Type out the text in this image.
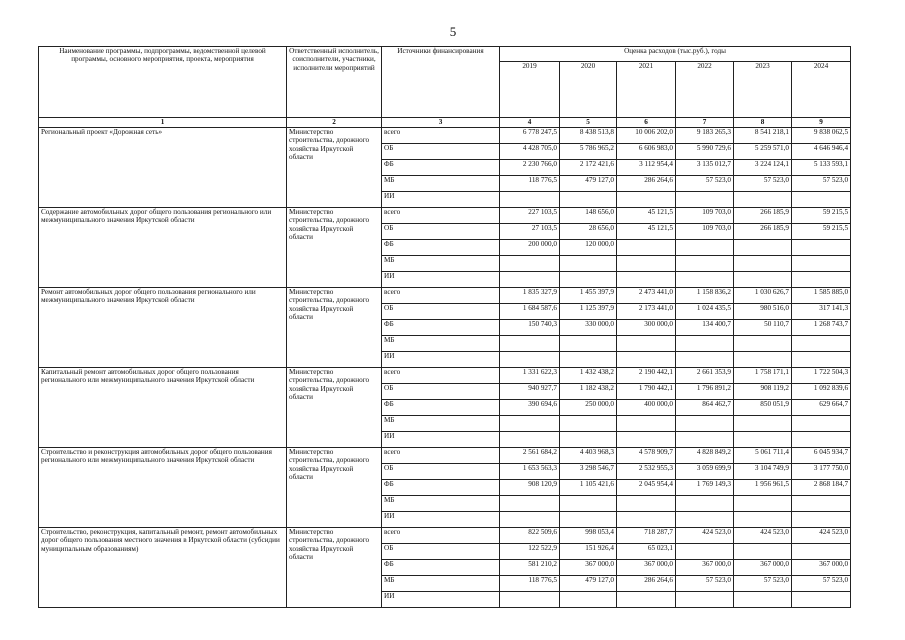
5
Наименование программы, подпрограммы, ведомственной целевой программы, основного мероприятия, проекта, мероприятия	Ответственный исполнитель, соисполнители, участники, исполнители мероприятий	Источники финансирования	Оценка расходов (тыс.руб.), годы					
			2019	2020	2021	2022	2023	2024
1	2	3	4	5	6	7	8	9
Региональный проект «Дорожная сеть»	Министерство строительства, дорожного хозяйства Иркутской области	всего	6 778 247,5	8 438 513,8	10 006 202,0	9 183 265,3	8 541 218,1	9 838 062,5
		ОБ	4 428 705,0	5 786 965,2	6 606 983,0	5 990 729,6	5 259 571,0	4 646 946,4
		ФБ	2 230 766,0	2 172 421,6	3 112 954,4	3 135 012,7	3 224 124,1	5 133 593,1
		МБ	118 776,5	479 127,0	286 264,6	57 523,0	57 523,0	57 523,0
		ИИ						
Содержание автомобильных дорог общего пользования регионального или межмуниципального значения Иркутской области	Министерство строительства, дорожного хозяйства Иркутской области	всего	227 103,5	148 656,0	45 121,5	109 703,0	266 185,9	59 215,5
		ОБ	27 103,5	28 656,0	45 121,5	109 703,0	266 185,9	59 215,5
		ФБ	200 000,0	120 000,0				
		МБ						
		ИИ						
Ремонт автомобильных дорог общего пользования регионального или межмуниципального значения Иркутской области	Министерство строительства, дорожного хозяйства Иркутской области	всего	1 835 327,9	1 455 397,9	2 473 441,0	1 158 836,2	1 030 626,7	1 585 885,0
		ОБ	1 684 587,6	1 125 397,9	2 173 441,0	1 024 435,5	980 516,0	317 141,3
		ФБ	150 740,3	330 000,0	300 000,0	134 400,7	50 110,7	1 268 743,7
		МБ						
		ИИ						
Капитальный ремонт автомобильных дорог общего пользования регионального или межмуниципального значения Иркутской области	Министерство строительства, дорожного хозяйства Иркутской области	всего	1 331 622,3	1 432 438,2	2 190 442,1	2 661 353,9	1 758 171,1	1 722 504,3
		ОБ	940 927,7	1 182 438,2	1 790 442,1	1 796 891,2	908 119,2	1 092 839,6
		ФБ	390 694,6	250 000,0	400 000,0	864 462,7	850 051,9	629 664,7
		МБ						
		ИИ						
Строительство и реконструкция автомобильных дорог общего пользования регионального или межмуниципального значения Иркутской области	Министерство строительства, дорожного хозяйства Иркутской области	всего	2 561 684,2	4 403 968,3	4 578 909,7	4 828 849,2	5 061 711,4	6 045 934,7
		ОБ	1 653 563,3	3 298 546,7	2 532 955,3	3 059 699,9	3 104 749,9	3 177 750,0
		ФБ	908 120,9	1 105 421,6	2 045 954,4	1 769 149,3	1 956 961,5	2 868 184,7
		МБ						
		ИИ						
Строительство, реконструкция, капитальный ремонт, ремонт автомобильных дорог общего пользования местного значения в Иркутской области (субсидии муниципальным образованиям)	Министерство строительства, дорожного хозяйства Иркутской области	всего	822 509,6	998 053,4	718 287,7	424 523,0	424 523,0	424 523,0
		ОБ	122 522,9	151 926,4	65 023,1			
		ФБ	581 210,2	367 000,0	367 000,0	367 000,0	367 000,0	367 000,0
		МБ	118 776,5	479 127,0	286 264,6	57 523,0	57 523,0	57 523,0
		ИИ						
